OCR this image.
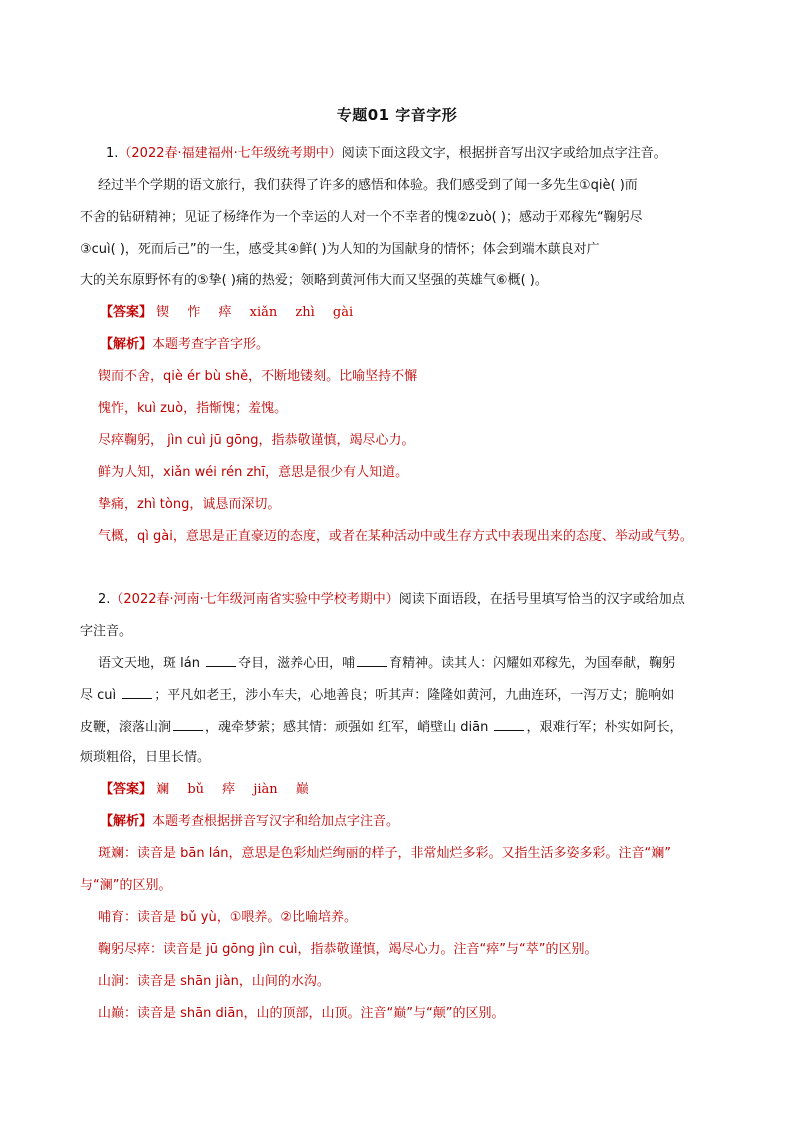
专题01 字音字形
1.（2022春·福建福州·七年级统考期中）阅读下面这段文字，根据拼音写出汉字或给加点字注音。
经过半个学期的语文旅行，我们获得了许多的感悟和体验。我们感受到了闻一多先生①qiè( )而
不舍的钻研精神；见证了杨绛作为一个幸运的人对一个不幸者的愧②zuò( )；感动于邓稼先“鞠躬尽
③cuì( )，死而后己”的一生，感受其④鲜( )为人知的为国献身的情怀；体会到端木蕻良对广
大的关东原野怀有的⑤挚( )痛的热爱；领略到黄河伟大而又坚强的英雄气⑥概( )。
【答案】 锲 怍 瘁 xiǎn zhì gài
【解析】本题考查字音字形。
锲而不舍，qiè ér bù shě，不断地镂刻。比喻坚持不懈
愧怍，kuì zuò，指惭愧；羞愧。
尽瘁鞠躬， jìn cuì jū gōng，指恭敬谨慎，竭尽心力。
鲜为人知，xiǎn wéi rén zhī，意思是很少有人知道。
挚痛，zhì tòng，诚恳而深切。
气概，qì gài，意思是正直豪迈的态度，或者在某种活动中或生存方式中表现出来的态度、举动或气势。
2.（2022春·河南·七年级河南省实验中学校考期中）阅读下面语段，在括号里填写恰当的汉字或给加点
字注音。
语文天地，斑 lán	夺目，滋养心田，哺	育精神。读其人：闪耀如邓稼先，为国奉献，鞠躬
尽 cuì	；平凡如老王，涉小车夫，心地善良；听其声：隆隆如黄河，九曲连环，一泻万丈；脆响如
皮鞭，滚落山涧	，魂牵梦萦；感其情：顽强如 红军，峭壁山 diān	，艰难行军；朴实如阿长，
烦琐粗俗，日里长情。
【答案】 斓 bǔ 瘁 jiàn 巅
【解析】本题考查根据拼音写汉字和给加点字注音。
斑斓：读音是 bān lán，意思是色彩灿烂绚丽的样子，非常灿烂多彩。又指生活多姿多彩。注音“斓”
与“澜”的区别。
哺育：读音是 bǔ yù，①喂养。②比喻培养。
鞠躬尽瘁：读音是 jū gōng jìn cuì，指恭敬谨慎，竭尽心力。注音“瘁”与“萃”的区别。
山涧：读音是 shān jiàn，山间的水沟。
山巅：读音是 shān diān，山的顶部，山顶。注音“巅”与“颠”的区别。
